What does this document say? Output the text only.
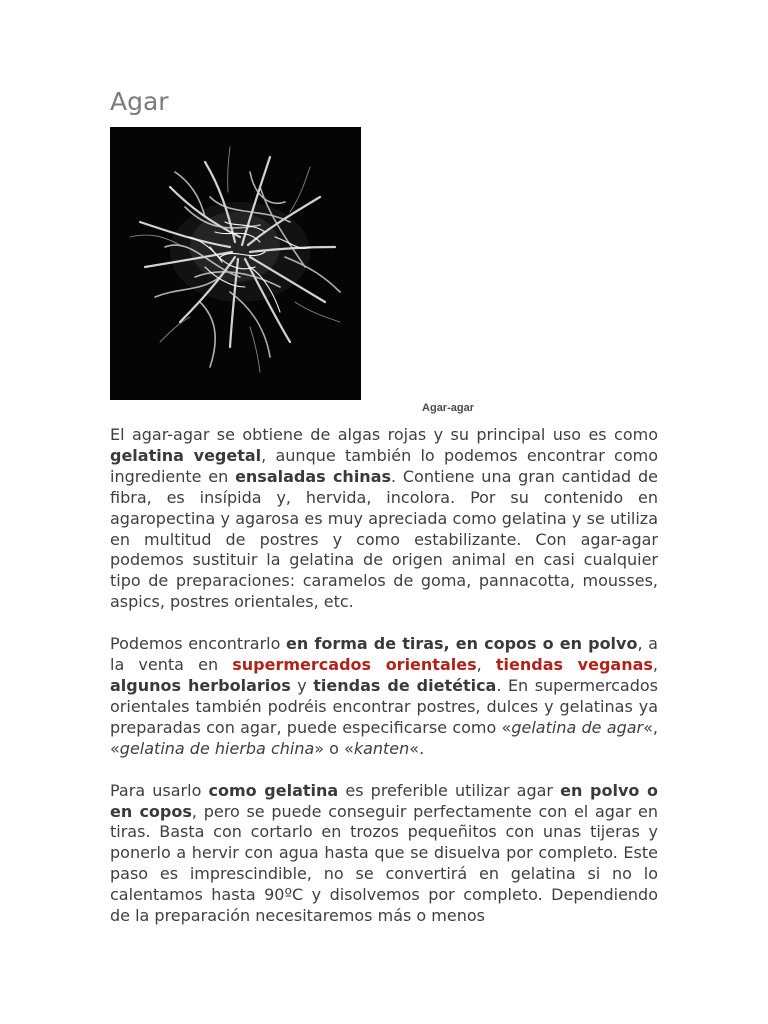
Agar
Agar-agar

El agar-agar se obtiene de algas rojas y su principal uso es como gelatina vegetal, aunque también lo podemos encontrar como ingrediente en ensaladas chinas. Contiene una gran cantidad de fibra, es insípida y, hervida, incolora. Por su contenido en agaropectina y agarosa es muy apreciada como gelatina y se utiliza en multitud de postres y como estabilizante. Con agar-agar podemos sustituir la gelatina de origen animal en casi cualquier tipo de preparaciones: caramelos de goma, pannacotta, mousses, aspics, postres orientales, etc.

Podemos encontrarlo en forma de tiras, en copos o en polvo, a la venta en supermercados orientales, tiendas veganas, algunos herbolarios y tiendas de dietética. En supermercados orientales también podréis encontrar postres, dulces y gelatinas ya preparadas con agar, puede especificarse como «gelatina de agar«, «gelatina de hierba china» o «kanten«.

Para usarlo como gelatina es preferible utilizar agar en polvo o en copos, pero se puede conseguir perfectamente con el agar en tiras. Basta con cortarlo en trozos pequeñitos con unas tijeras y ponerlo a hervir con agua hasta que se disuelva por completo. Este paso es imprescindible, no se convertirá en gelatina si no lo calentamos hasta 90ºC y disolvemos por completo. Dependiendo de la preparación necesitaremos más o menos
